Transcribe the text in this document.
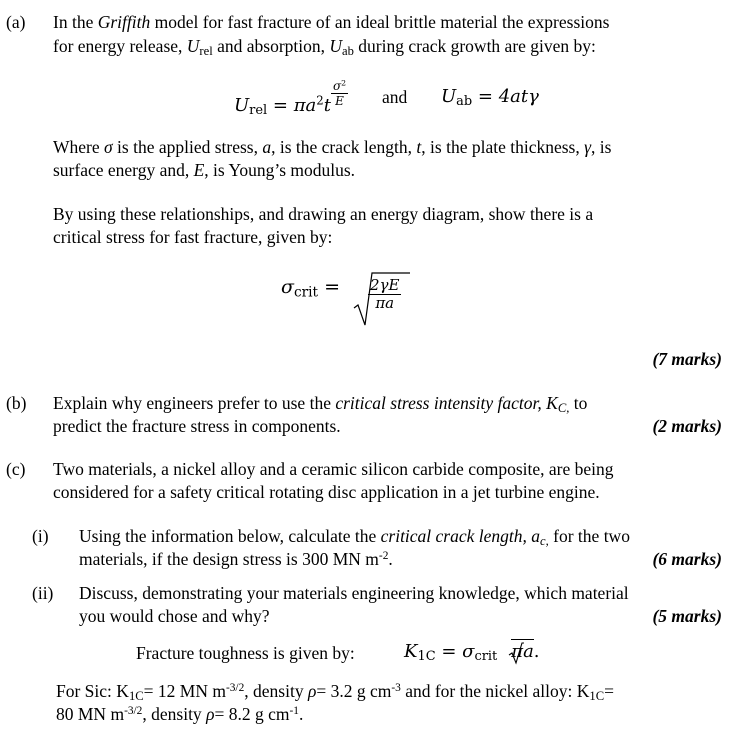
(a) In the Griffith model for fast fracture of an ideal brittle material the expressions
for energy release, $U_{rel}$ and absorption, $U_{ab}$ during crack growth are given by:
$U_{rel} = \pi a^2t \frac{\sigma^2}{E}$ and $U_{ab} = 4at\gamma$
Where σ is the applied stress, a, is the crack length, t, is the plate thickness, γ, is
surface energy and, E, is Young’s modulus.
By using these relationships, and drawing an energy diagram, show there is a
critical stress for fast fracture, given by:
$\sigma_{crit} = \frac{2\gamma E}{\pi a}$
(7 marks)
(b) Explain why engineers prefer to use the critical stress intensity factor, $K_{C,}$ to
predict the fracture stress in components.	(2 marks)
(c) Two materials, a nickel alloy and a ceramic silicon carbide composite, are being
considered for a safety critical rotating disc application in a jet turbine engine.
(i) Using the information below, calculate the critical crack length, $a_{c,}$ for the two
materials, if the design stress is 300 MN $m^{-2}$.	(6 marks)
(ii) Discuss, demonstrating your materials engineering knowledge, which material
you would chose and why?	(5 marks)
Fracture toughness is given by:	$K_{1C} = \sigma_{crit}$ πa.
For Sic: $K_{1C}= 12$ MN $m^{-3/2}$, density ρ= 3.2 g $cm^{-3}$ and for the nickel alloy: $K_{1C}=$
80 MN $m^{-3/2}$, density ρ= 8.2 g $cm^{-1}$.
